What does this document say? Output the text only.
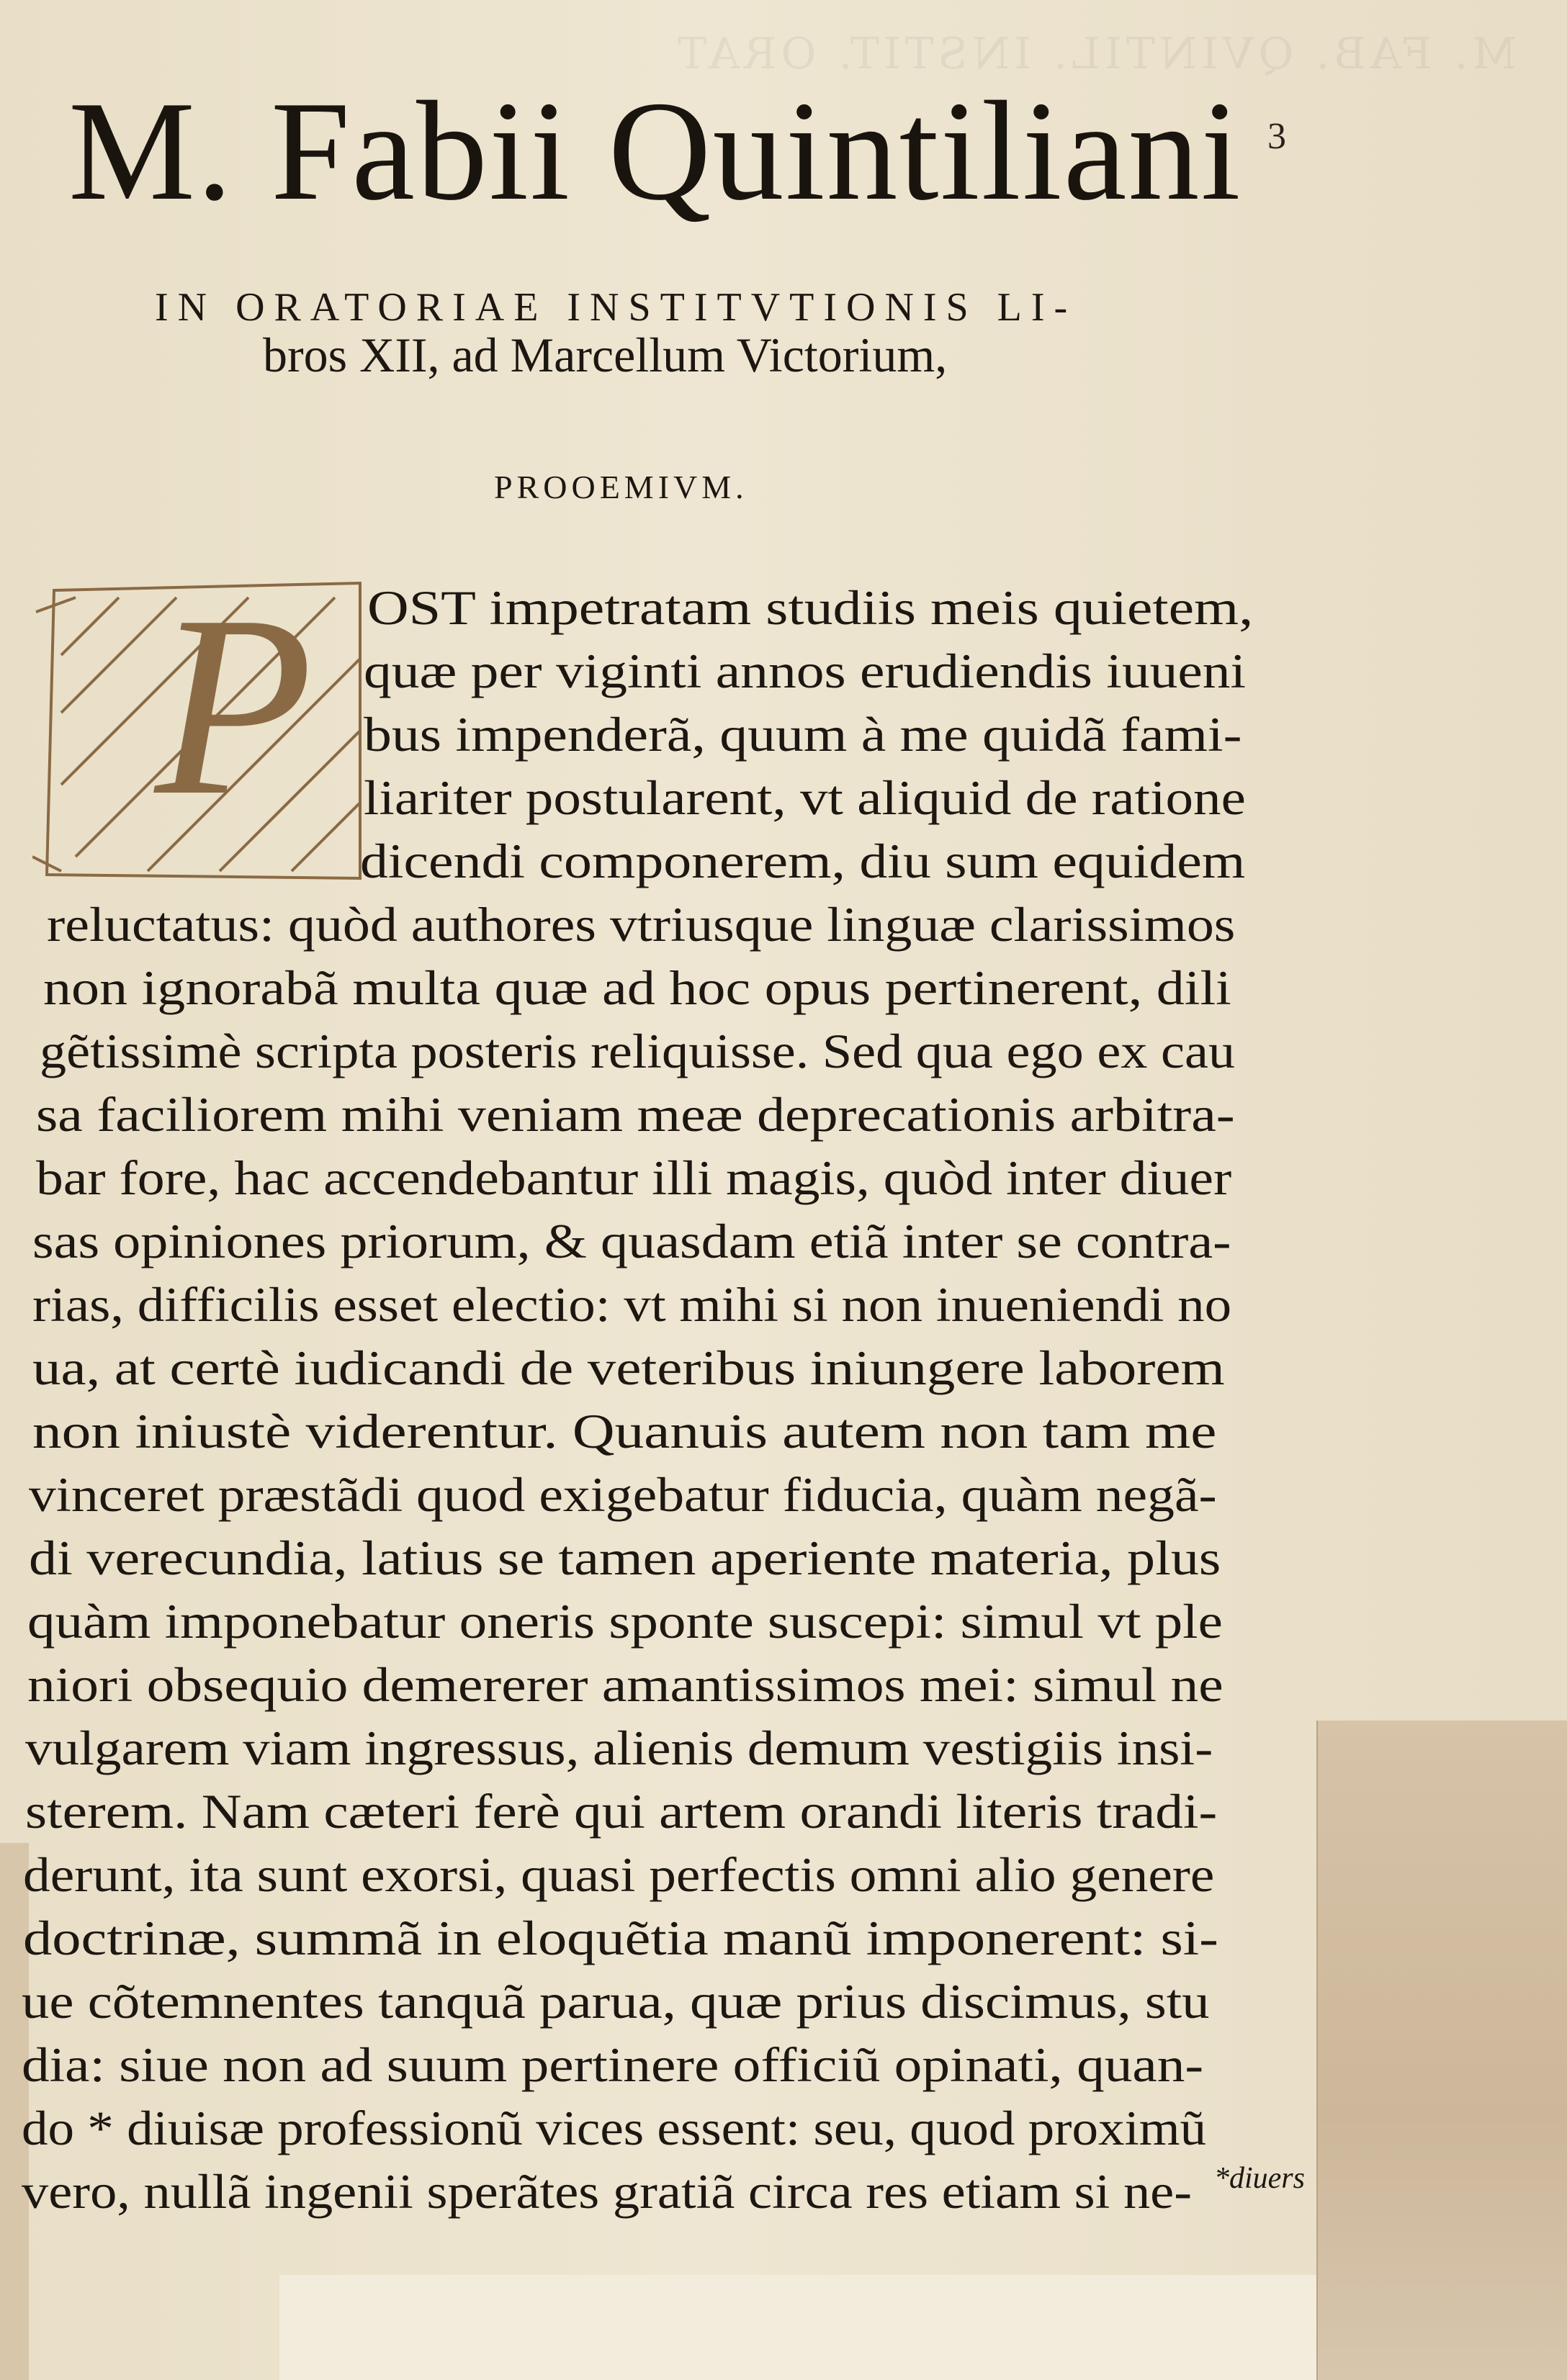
M. FAB. QVINTIL. INSTIT. ORAT
M. Fabii Quintiliani 3
IN ORATORIAE INSTITVTIONIS LI-
bros XII, ad Marcellum Victorium,
PROOEMIVM.
P OST impetratam studiis meis quietem,
quæ per viginti annos erudiendis iuueni
bus impenderã, quum à me quidã fami-
liariter postularent, vt aliquid de ratione
dicendi componerem, diu sum equidem
reluctatus: quòd authores vtriusque linguæ clarissimos
non ignorabã multa quæ ad hoc opus pertinerent, dili
gẽtissimè scripta posteris reliquisse. Sed qua ego ex cau
sa faciliorem mihi veniam meæ deprecationis arbitra-
bar fore, hac accendebantur illi magis, quòd inter diuer
sas opiniones priorum, & quasdam etiã inter se contra-
rias, difficilis esset electio: vt mihi si non inueniendi no
ua, at certè iudicandi de veteribus iniungere laborem
non iniustè viderentur. Quanuis autem non tam me
vinceret præstãdi quod exigebatur fiducia, quàm negã-
di verecundia, latius se tamen aperiente materia, plus
quàm imponebatur oneris sponte suscepi: simul vt ple
niori obsequio demererer amantissimos mei: simul ne
vulgarem viam ingressus, alienis demum vestigiis insi-
sterem. Nam cæteri ferè qui artem orandi literis tradi-
derunt, ita sunt exorsi, quasi perfectis omni alio genere
doctrinæ, summã in eloquẽtia manũ imponerent: si-
ue cõtemnentes tanquã parua, quæ prius discimus, stu
dia: siue non ad suum pertinere officiũ opinati, quan-
do * diuisæ professionũ vices essent: seu, quod proximũ
vero, nullã ingenii sperãtes gratiã circa res etiam si ne- *diuers
